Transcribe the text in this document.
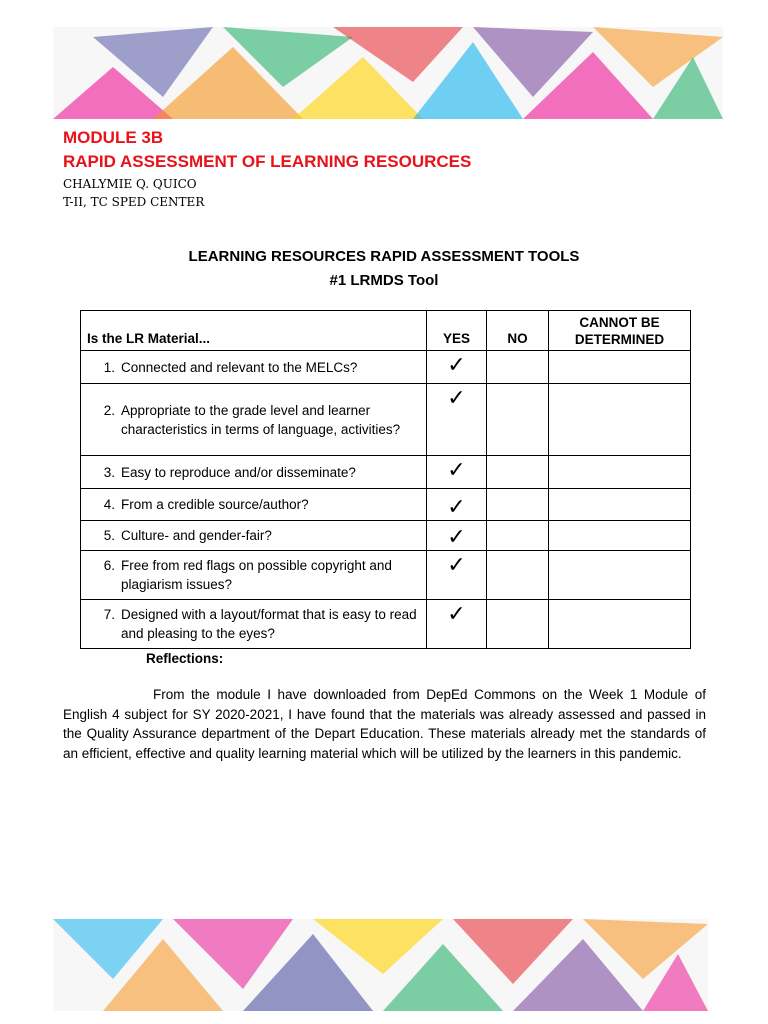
MODULE 3B
RAPID ASSESSMENT OF LEARNING RESOURCES
CHALYMIE Q. QUICO
T-II, TC SPED CENTER
LEARNING RESOURCES RAPID ASSESSMENT TOOLS
#1 LRMDS Tool
Is the LR Material...	YES	NO	CANNOT BE
DETERMINED

1. Connected and relevant to the MELCs?	✓		

2. Appropriate to the grade level and learner characteristics in terms of language, activities?	✓		

3. Easy to reproduce and/or disseminate?	✓		

4. From a credible source/author?	✓		

5. Culture- and gender-fair?	✓		

6. Free from red flags on possible copyright and plagiarism issues?	✓		

7. Designed with a layout/format that is easy to read and pleasing to the eyes?	✓		
Reflections:
From the module I have downloaded from DepEd Commons on the Week 1 Module of English 4 subject for SY 2020-2021, I have found that the materials was already assessed and passed in the Quality Assurance department of the Depart Education. These materials already met the standards of an efficient, effective and quality learning material which will be utilized by the learners in this pandemic.
